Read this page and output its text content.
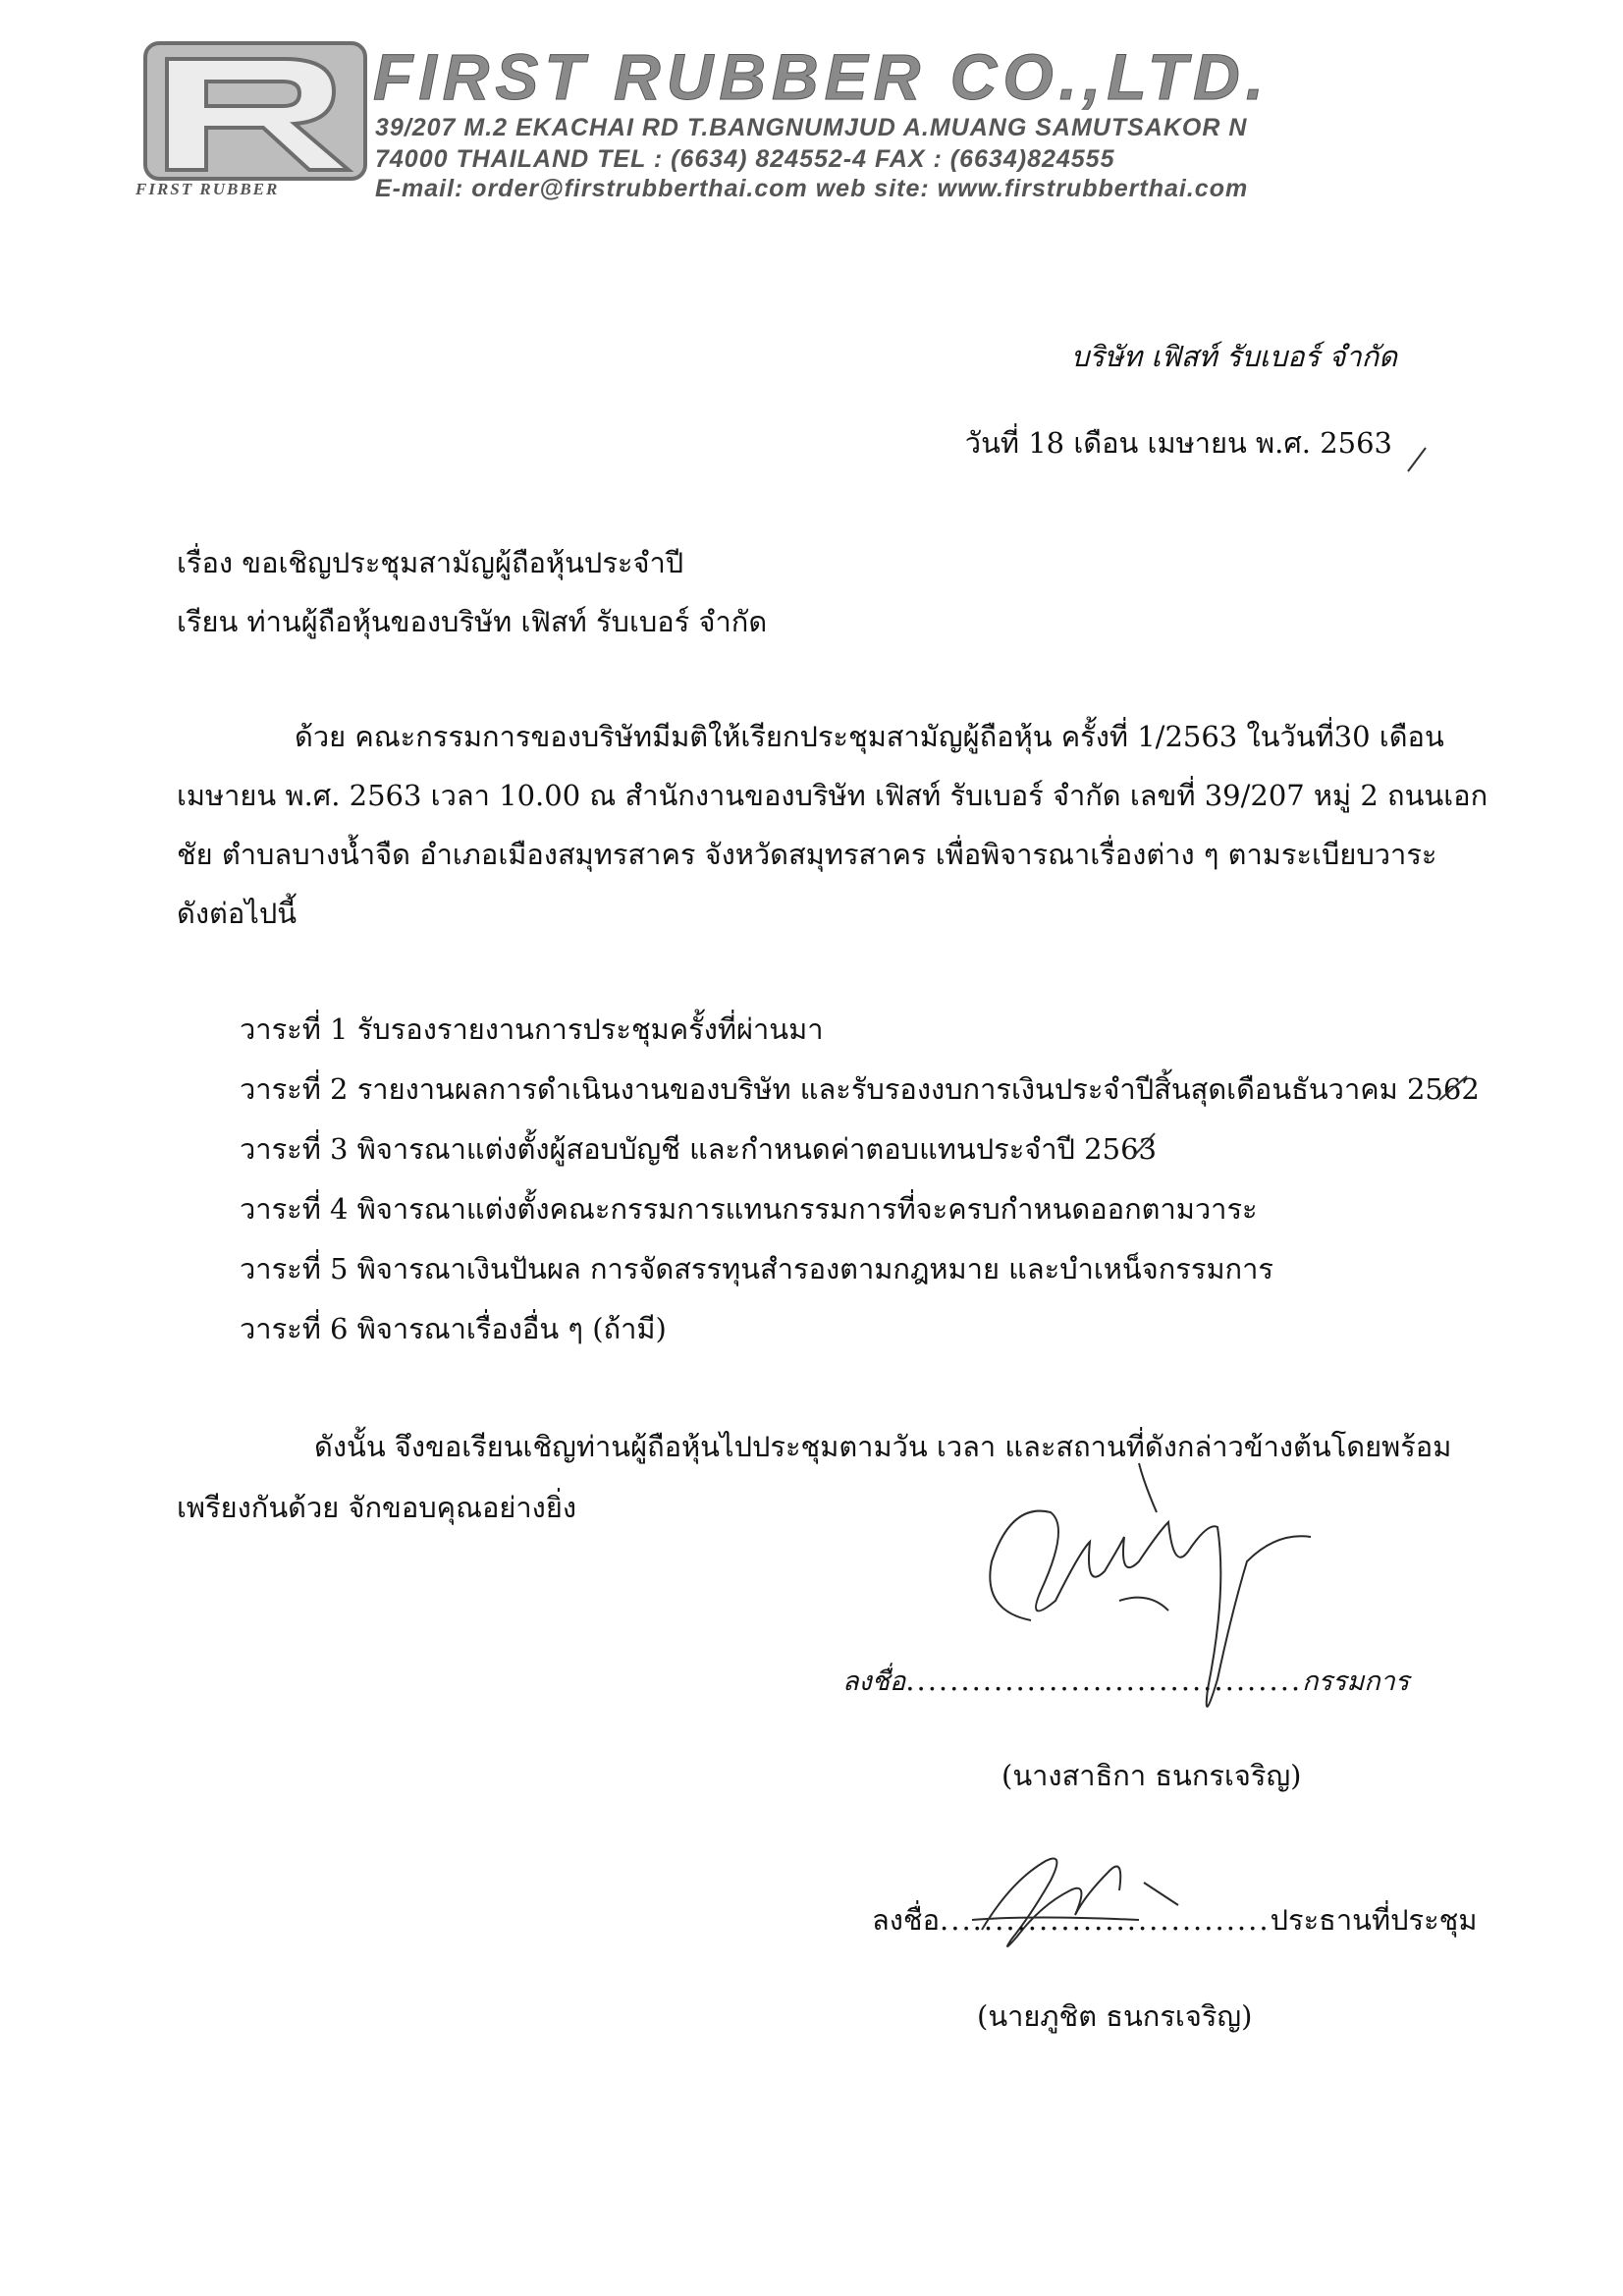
FIRST RUBBER CO.,LTD.
39/207 M.2 EKACHAI RD T.BANGNUMJUD A.MUANG SAMUTSAKOR N
74000 THAILAND TEL : (6634) 824552-4 FAX : (6634)824555
E-mail: order@firstrubberthai.com web site: www.firstrubberthai.com
FIRST RUBBER
บริษัท เฟิสท์ รับเบอร์ จำกัด
วันที่ 18 เดือน เมษายน พ.ศ. 2563
เรื่อง ขอเชิญประชุมสามัญผู้ถือหุ้นประจำปี
เรียน ท่านผู้ถือหุ้นของบริษัท เฟิสท์ รับเบอร์ จำกัด
ด้วย คณะกรรมการของบริษัทมีมติให้เรียกประชุมสามัญผู้ถือหุ้น ครั้งที่ 1/2563 ในวันที่30 เดือน
เมษายน พ.ศ. 2563 เวลา 10.00 ณ สำนักงานของบริษัท เฟิสท์ รับเบอร์ จำกัด เลขที่ 39/207 หมู่ 2 ถนนเอก
ชัย ตำบลบางน้ำจืด อำเภอเมืองสมุทรสาคร จังหวัดสมุทรสาคร เพื่อพิจารณาเรื่องต่าง ๆ ตามระเบียบวาระ
ดังต่อไปนี้
วาระที่ 1 รับรองรายงานการประชุมครั้งที่ผ่านมา
วาระที่ 2 รายงานผลการดำเนินงานของบริษัท และรับรองงบการเงินประจำปีสิ้นสุดเดือนธันวาคม 2562
วาระที่ 3 พิจารณาแต่งตั้งผู้สอบบัญชี และกำหนดค่าตอบแทนประจำปี 2563
วาระที่ 4 พิจารณาแต่งตั้งคณะกรรมการแทนกรรมการที่จะครบกำหนดออกตามวาระ
วาระที่ 5 พิจารณาเงินปันผล การจัดสรรทุนสำรองตามกฎหมาย และบำเหน็จกรรมการ
วาระที่ 6 พิจารณาเรื่องอื่น ๆ (ถ้ามี)
ดังนั้น จึงขอเรียนเชิญท่านผู้ถือหุ้นไปประชุมตามวัน เวลา และสถานที่ดังกล่าวข้างต้นโดยพร้อม
เพรียงกันด้วย จักขอบคุณอย่างยิ่ง
ลงชื่อ....................................กรรมการ
(นางสาธิกา ธนกรเจริญ)
ลงชื่อ..............................ประธานที่ประชุม
(นายภูชิต ธนกรเจริญ)
